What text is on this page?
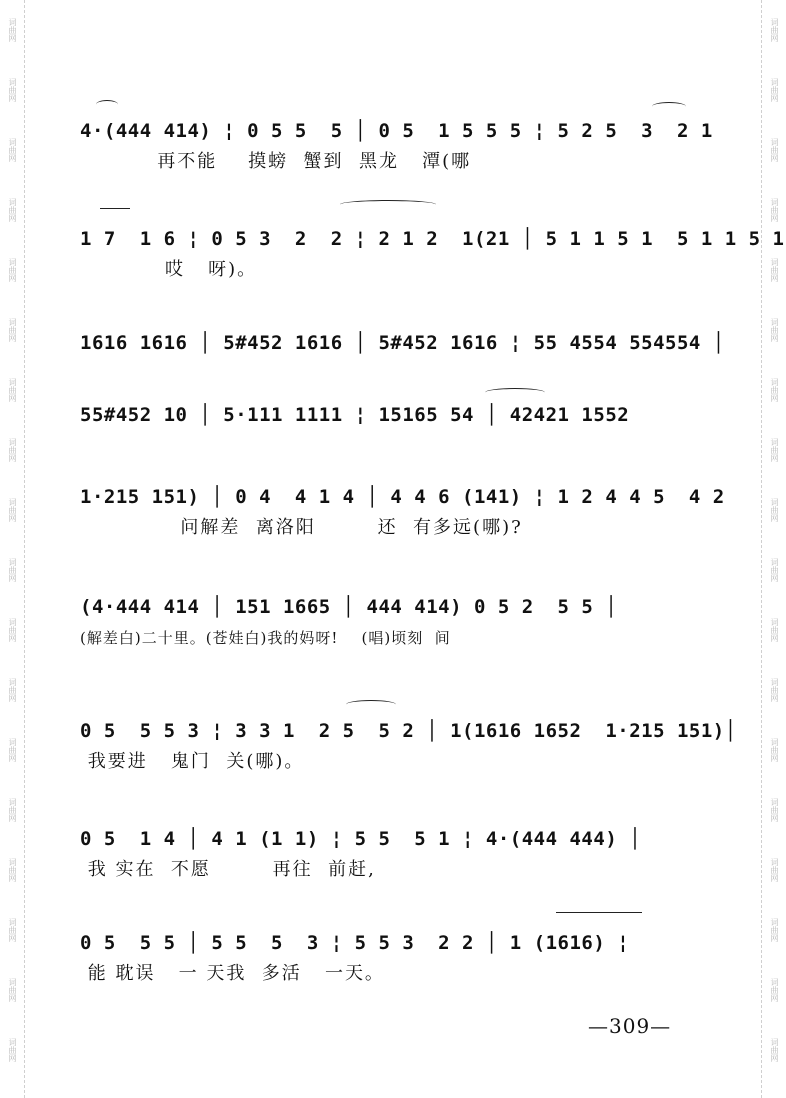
词曲网
词曲网
词曲网
词曲网
词曲网
词曲网
词曲网
词曲网
词曲网
词曲网
词曲网
词曲网
词曲网
词曲网
词曲网
词曲网
词曲网
词曲网
词曲网
词曲网
词曲网
词曲网
词曲网
词曲网
词曲网
词曲网
词曲网
词曲网
词曲网
词曲网
词曲网
词曲网
词曲网
词曲网
词曲网
词曲网
4·(444 414) ¦ 0 5 5  5 │ 0 5  1 5 5 5 ¦ 5 2 5  3  2 1
再不能    摸螃  蟹到  黑龙   潭(哪
1 7  1 6 ¦ 0 5 3  2  2 ¦ 2 1 2  1(21 │ 5 1 1 5 1  5 1 1 5 1
哎   呀)。
1616 1616 │ 5#452 1616 │ 5#452 1616 ¦ 55 4554 554554 │
55#452 10 │ 5·111 1111 ¦ 15165 54 │ 42421 1552
1·215 151) │ 0 4  4 1 4 │ 4 4 6 (141) ¦ 1 2 4 4 5  4 2
问解差  离洛阳        还  有多远(哪)?
(4·444 414 │ 151 1665 │ 444 414) 0 5 2  5 5 │
(解差白)二十里。(苍娃白)我的妈呀!    (唱)顷刻  间
0 5  5 5 3 ¦ 3 3 1  2 5  5 2 │ 1(1616 1652  1·215 151)│
我要进   鬼门  关(哪)。
0 5  1 4 │ 4 1 (1 1) ¦ 5 5  5 1 ¦ 4·(444 444) │
我 实在  不愿        再往  前赶,
0 5  5 5 │ 5 5  5  3 ¦ 5 5 3  2 2 │ 1 (1616) ¦
能 耽误   一 天我  多活   一天。
—309—
